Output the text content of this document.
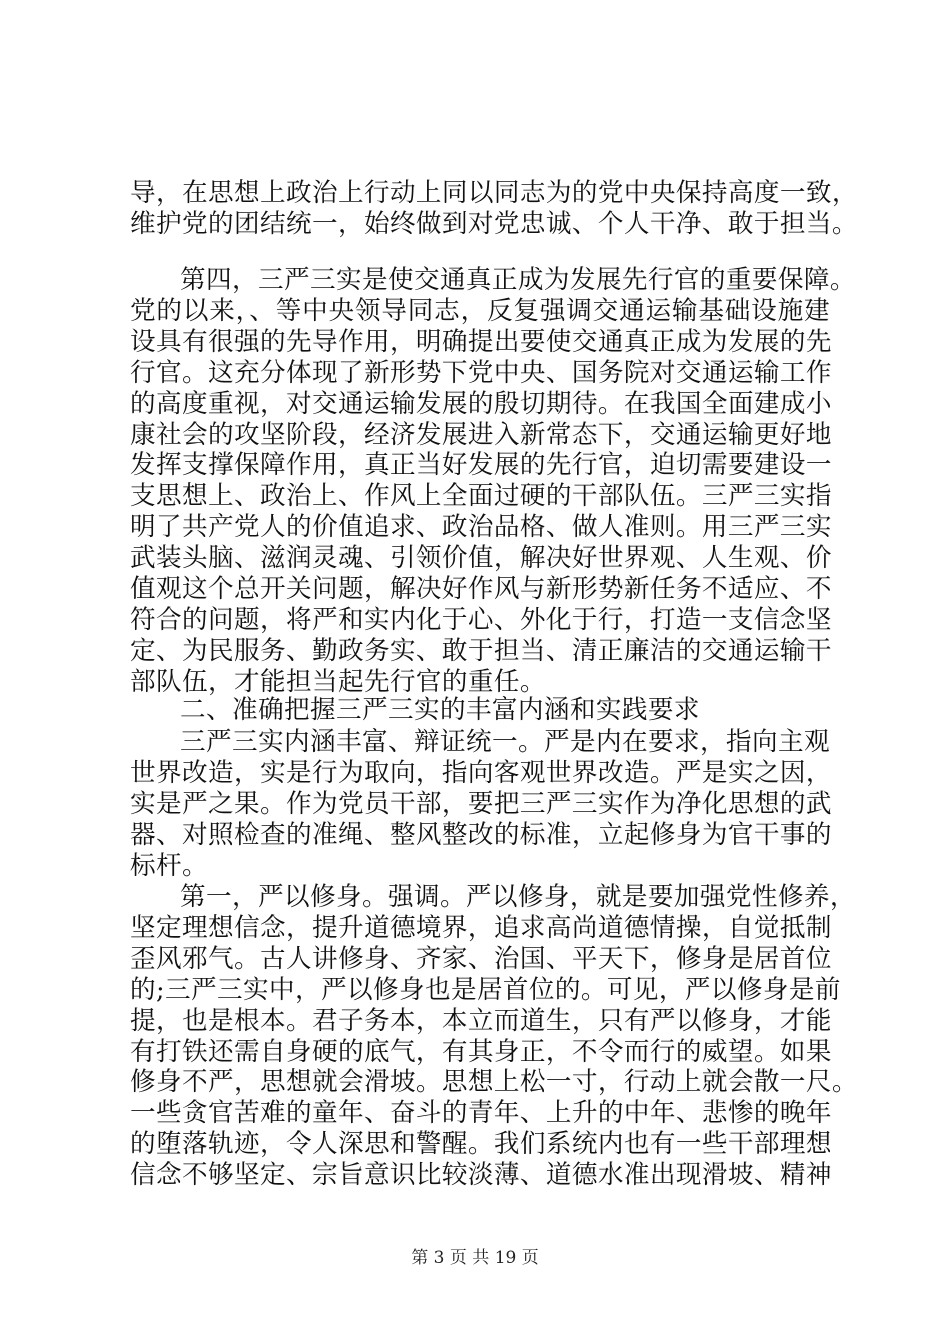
导，在思想上政治上行动上同以同志为的党中央保持高度一致，
维护党的团结统一，始终做到对党忠诚、个人干净、敢于担当。
第四，三严三实是使交通真正成为发展先行官的重要保障。
党的以来，、等中央领导同志，反复强调交通运输基础设施建
设具有很强的先导作用，明确提出要使交通真正成为发展的先
行官。这充分体现了新形势下党中央、国务院对交通运输工作
的高度重视，对交通运输发展的殷切期待。在我国全面建成小
康社会的攻坚阶段，经济发展进入新常态下，交通运输更好地
发挥支撑保障作用，真正当好发展的先行官，迫切需要建设一
支思想上、政治上、作风上全面过硬的干部队伍。三严三实指
明了共产党人的价值追求、政治品格、做人准则。用三严三实
武装头脑、滋润灵魂、引领价值，解决好世界观、人生观、价
值观这个总开关问题，解决好作风与新形势新任务不适应、不
符合的问题，将严和实内化于心、外化于行，打造一支信念坚
定、为民服务、勤政务实、敢于担当、清正廉洁的交通运输干
部队伍，才能担当起先行官的重任。
二、准确把握三严三实的丰富内涵和实践要求
三严三实内涵丰富、辩证统一。严是内在要求，指向主观
世界改造，实是行为取向，指向客观世界改造。严是实之因，
实是严之果。作为党员干部，要把三严三实作为净化思想的武
器、对照检查的准绳、整风整改的标准，立起修身为官干事的
标杆。
第一，严以修身。强调。严以修身，就是要加强党性修养，
坚定理想信念，提升道德境界，追求高尚道德情操，自觉抵制
歪风邪气。古人讲修身、齐家、治国、平天下，修身是居首位
的;三严三实中，严以修身也是居首位的。可见，严以修身是前
提，也是根本。君子务本，本立而道生，只有严以修身，才能
有打铁还需自身硬的底气，有其身正，不令而行的威望。如果
修身不严，思想就会滑坡。思想上松一寸，行动上就会散一尺。
一些贪官苦难的童年、奋斗的青年、上升的中年、悲惨的晚年
的堕落轨迹，令人深思和警醒。我们系统内也有一些干部理想
信念不够坚定、宗旨意识比较淡薄、道德水准出现滑坡、精神
第 3 页 共 19 页
